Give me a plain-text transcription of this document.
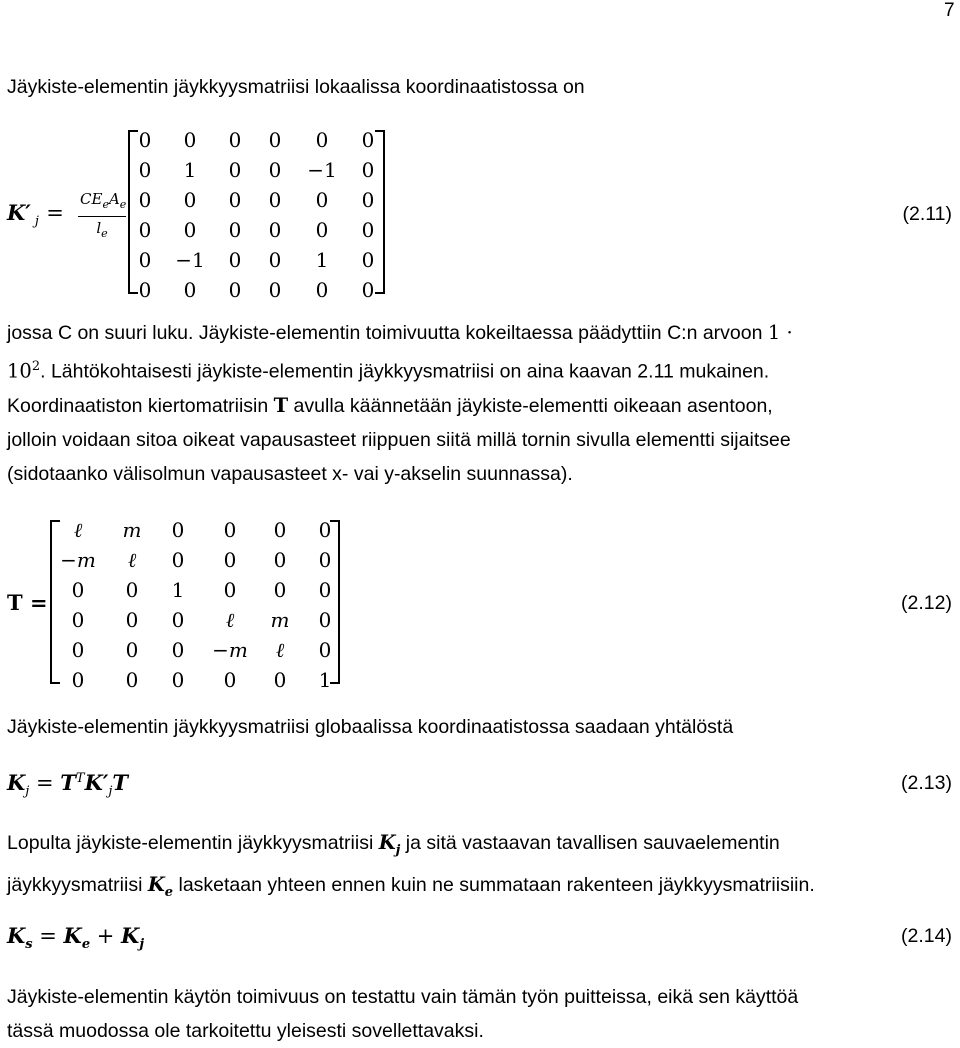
7
Jäykiste-elementin jäykkyysmatriisi lokaalissa koordinaatistossa on
K′ $_j$ =
$CE_eA_e$
$l_e$
0 0 0 0 0 0
0 1 0 0 −1 0
0 0 0 0 0 0
0 0 0 0 0 0
0 −1 0 0 1 0
0 0 0 0 0 0
(2.11)
jossa C on suuri luku. Jäykiste-elementin toimivuutta kokeiltaessa päädyttiin C:n arvoon 1 ·
$10^2$. Lähtökohtaisesti jäykiste-elementin jäykkyysmatriisi on aina kaavan 2.11 mukainen.
Koordinaatiston kiertomatriisin T avulla käännetään jäykiste-elementti oikeaan asentoon,
jolloin voidaan sitoa oikeat vapausasteet riippuen siitä millä tornin sivulla elementti sijaitsee
(sidotaanko välisolmun vapausasteet x- vai y-akselin suunnassa).
T =
ℓ m 0 0 0 0
−m ℓ 0 0 0 0
0 0 1 0 0 0
0 0 0 ℓ m 0
0 0 0 −m ℓ 0
0 0 0 0 0 1
(2.12)
Jäykiste-elementin jäykkyysmatriisi globaalissa koordinaatistossa saadaan yhtälöstä
$K_j = T^TK'_jT$	(2.13)
Lopulta jäykiste-elementin jäykkyysmatriisi $K_j$ ja sitä vastaavan tavallisen sauvaelementin
jäykkyysmatriisi $K_e$ lasketaan yhteen ennen kuin ne summataan rakenteen jäykkyysmatriisiin.
$K_s = K_e + K_j$	(2.14)
Jäykiste-elementin käytön toimivuus on testattu vain tämän työn puitteissa, eikä sen käyttöä
tässä muodossa ole tarkoitettu yleisesti sovellettavaksi.
